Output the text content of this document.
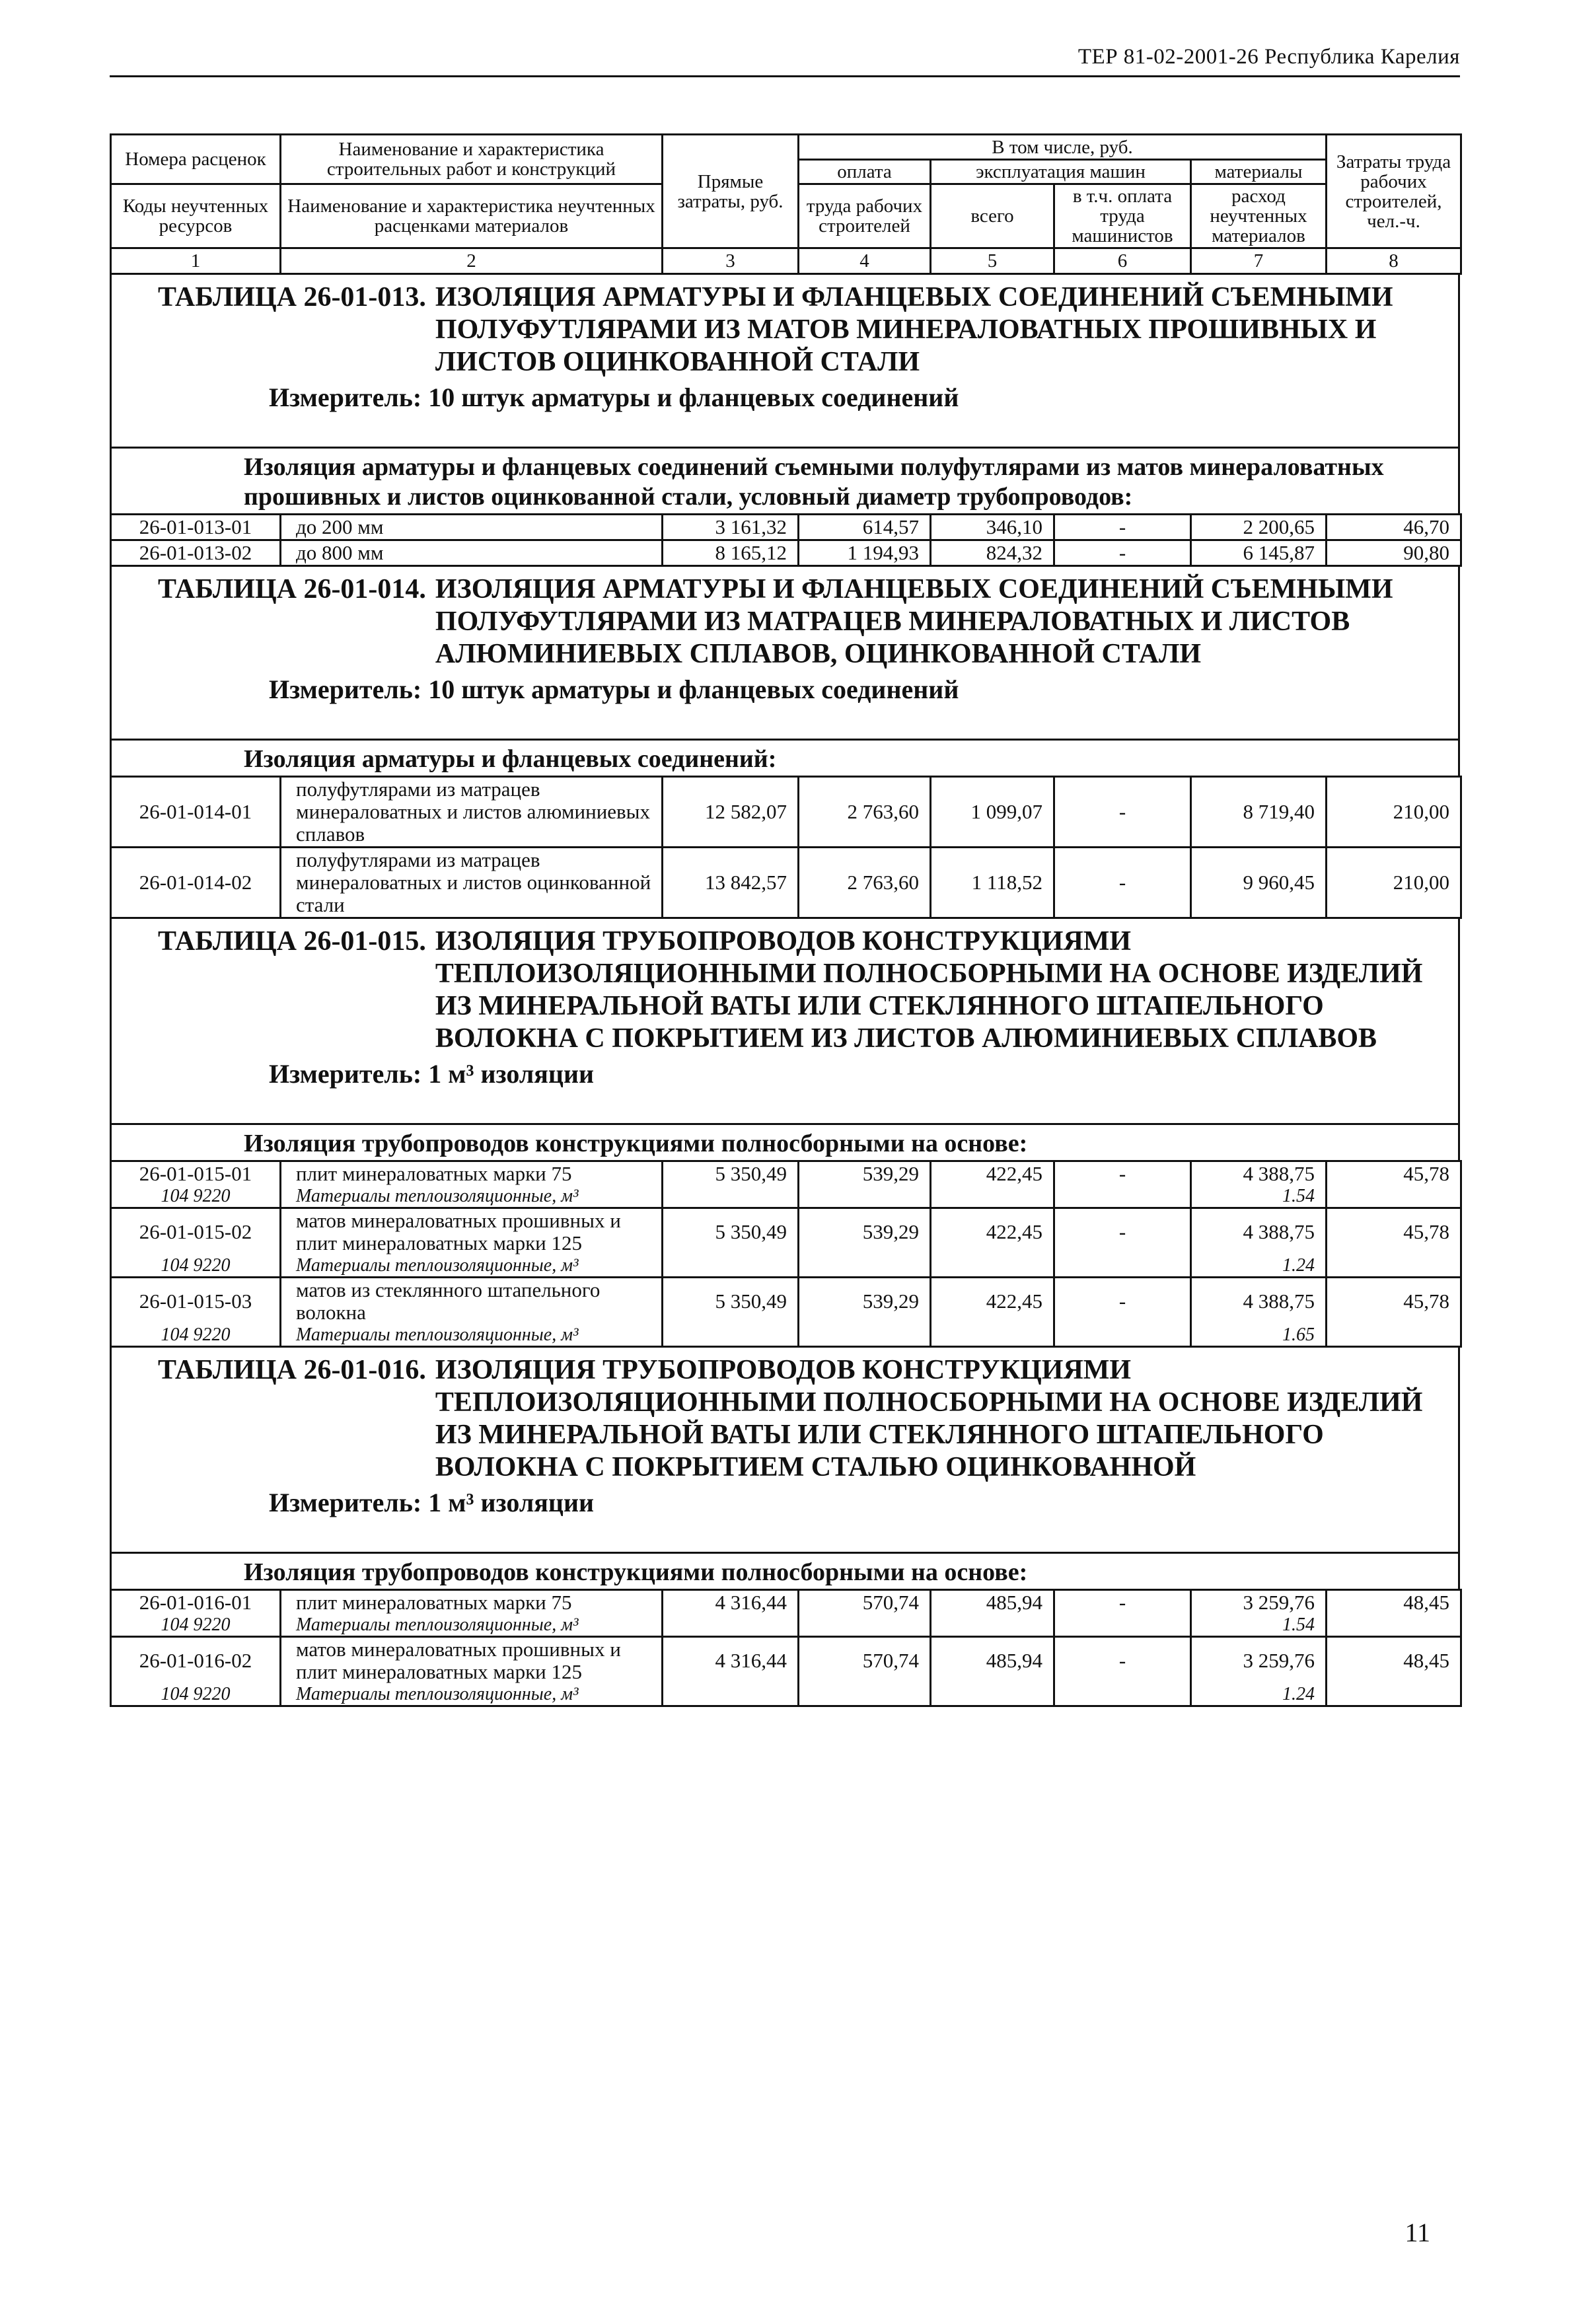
ТЕР 81-02-2001-26 Республика Карелия
Номера расценок	Наименование и характеристика строительных работ и конструкций	Прямые затраты, руб.	В том числе, руб.				Затраты труда рабочих строителей, чел.-ч.
			оплата	эксплуатация машин		материалы	
Коды неучтенных ресурсов	Наименование и характеристика неучтенных расценками материалов		труда рабочих строителей	всего	в т.ч. оплата труда машинистов	расход неучтенных материалов	

1	2	3	4	5	6	7	8
ТАБЛИЦА 26-01-013. ИЗОЛЯЦИЯ АРМАТУРЫ И ФЛАНЦЕВЫХ СОЕДИНЕНИЙ СЪЕМНЫМИ ПОЛУФУТЛЯРАМИ ИЗ МАТОВ МИНЕРАЛОВАТНЫХ ПРОШИВНЫХ И ЛИСТОВ ОЦИНКОВАННОЙ СТАЛИ
Измеритель: 10 штук арматуры и фланцевых соединений
Изоляция арматуры и фланцевых соединений съемными полуфутлярами из матов минераловатных прошивных и листов оцинкованной стали, условный диаметр трубопроводов:
26-01-013-01	до 200 мм	3 161,32	614,57	346,10	-	2 200,65	46,70
26-01-013-02	до 800 мм	8 165,12	1 194,93	824,32	-	6 145,87	90,80
ТАБЛИЦА 26-01-014. ИЗОЛЯЦИЯ АРМАТУРЫ И ФЛАНЦЕВЫХ СОЕДИНЕНИЙ СЪЕМНЫМИ ПОЛУФУТЛЯРАМИ ИЗ МАТРАЦЕВ МИНЕРАЛОВАТНЫХ И ЛИСТОВ АЛЮМИНИЕВЫХ СПЛАВОВ, ОЦИНКОВАННОЙ СТАЛИ
Измеритель: 10 штук арматуры и фланцевых соединений
Изоляция арматуры и фланцевых соединений:
26-01-014-01	полуфутлярами из матрацев минераловатных и листов алюминиевых сплавов	12 582,07	2 763,60	1 099,07	-	8 719,40	210,00
26-01-014-02	полуфутлярами из матрацев минераловатных и листов оцинкованной стали	13 842,57	2 763,60	1 118,52	-	9 960,45	210,00
ТАБЛИЦА 26-01-015. ИЗОЛЯЦИЯ ТРУБОПРОВОДОВ КОНСТРУКЦИЯМИ ТЕПЛОИЗОЛЯЦИОННЫМИ ПОЛНОСБОРНЫМИ НА ОСНОВЕ ИЗДЕЛИЙ ИЗ МИНЕРАЛЬНОЙ ВАТЫ ИЛИ СТЕКЛЯННОГО ШТАПЕЛЬНОГО ВОЛОКНА С ПОКРЫТИЕМ ИЗ ЛИСТОВ АЛЮМИНИЕВЫХ СПЛАВОВ
Измеритель: 1 м³ изоляции
Изоляция трубопроводов конструкциями полносборными на основе:
26-01-015-01	плит минераловатных марки 75	5 350,49	539,29	422,45	-	4 388,75	45,78
104 9220	Материалы теплоизоляционные, м³					1.54	
26-01-015-02	матов минераловатных прошивных и плит минераловатных марки 125	5 350,49	539,29	422,45	-	4 388,75	45,78
104 9220	Материалы теплоизоляционные, м³					1.24	
26-01-015-03	матов из стеклянного штапельного волокна	5 350,49	539,29	422,45	-	4 388,75	45,78
104 9220	Материалы теплоизоляционные, м³					1.65	
ТАБЛИЦА 26-01-016. ИЗОЛЯЦИЯ ТРУБОПРОВОДОВ КОНСТРУКЦИЯМИ ТЕПЛОИЗОЛЯЦИОННЫМИ ПОЛНОСБОРНЫМИ НА ОСНОВЕ ИЗДЕЛИЙ ИЗ МИНЕРАЛЬНОЙ ВАТЫ ИЛИ СТЕКЛЯННОГО ШТАПЕЛЬНОГО ВОЛОКНА С ПОКРЫТИЕМ СТАЛЬЮ ОЦИНКОВАННОЙ
Измеритель: 1 м³ изоляции
Изоляция трубопроводов конструкциями полносборными на основе:
26-01-016-01	плит минераловатных марки 75	4 316,44	570,74	485,94	-	3 259,76	48,45
104 9220	Материалы теплоизоляционные, м³					1.54	
26-01-016-02	матов минераловатных прошивных и плит минераловатных марки 125	4 316,44	570,74	485,94	-	3 259,76	48,45
104 9220	Материалы теплоизоляционные, м³					1.24	
11
